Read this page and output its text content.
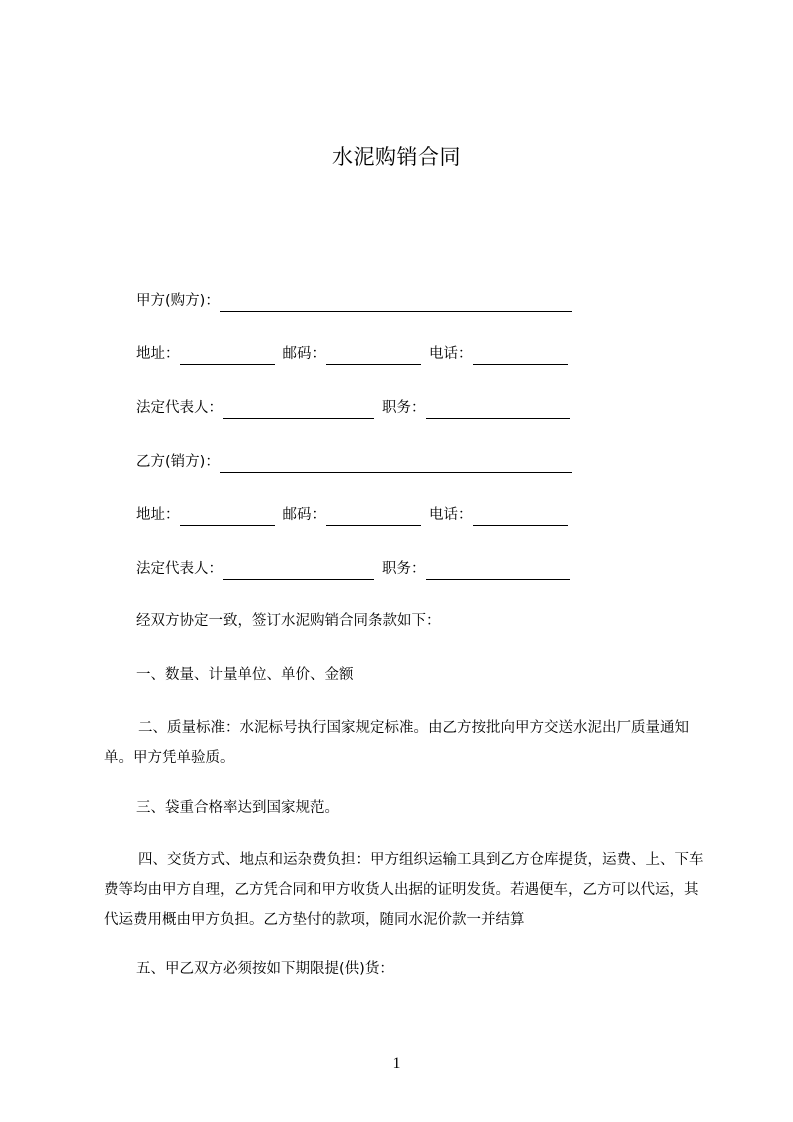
水泥购销合同
甲方(购方)：
地址：	邮码：	电话：
法定代表人：	职务：
乙方(销方)：
地址：	邮码：	电话：
法定代表人：	职务：
经双方协定一致，签订水泥购销合同条款如下：
一、数量、计量单位、单价、金额
二、质量标准：水泥标号执行国家规定标准。由乙方按批向甲方交送水泥出厂质量通知单。甲方凭单验质。
三、袋重合格率达到国家规范。
四、交货方式、地点和运杂费负担：甲方组织运输工具到乙方仓库提货，运费、上、下车费等均由甲方自理，乙方凭合同和甲方收货人出据的证明发货。若遇便车，乙方可以代运，其代运费用概由甲方负担。乙方垫付的款项，随同水泥价款一并结算
五、甲乙双方必须按如下期限提(供)货：
1
